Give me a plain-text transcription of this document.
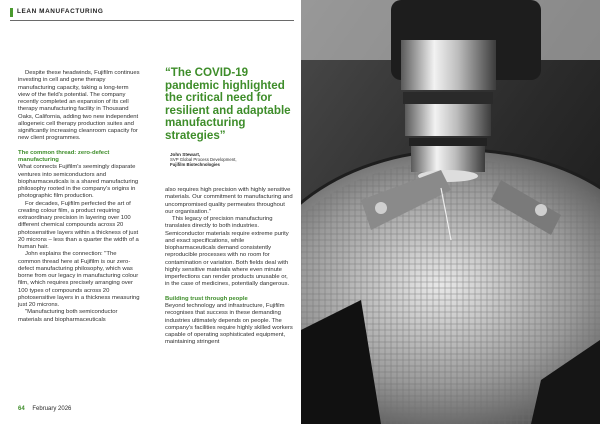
LEAN MANUFACTURING

Despite these headwinds, Fujifilm continues investing in cell and gene therapy manufacturing capacity, taking a long-term view of the field's potential. The company recently completed an expansion of its cell therapy manufacturing facility in Thousand Oaks, California, adding two new independent allogeneic cell therapy production suites and significantly increasing cleanroom capacity for new client programmes.

The common thread: zero-defect manufacturing

What connects Fujifilm's seemingly disparate ventures into semiconductors and biopharmaceuticals is a shared manufacturing philosophy rooted in the company's origins in photographic film production.

For decades, Fujifilm perfected the art of creating colour film, a product requiring extraordinary precision in layering over 100 different chemical compounds across 20 photosensitive layers within a thickness of just 20 microns – less than a quarter the width of a human hair.

John explains the connection: "The common thread here at Fujifilm is our zero-defect manufacturing philosophy, which was borne from our legacy in manufacturing colour film, which requires precisely arranging over 100 types of compounds across 20 photosensitive layers in a thickness measuring just 20 microns.

"Manufacturing both semiconductor materials and biopharmaceuticals

“The COVID-19 pandemic highlighted the critical need for resilient and adaptable manufacturing strategies”
John Stewart,
SVP Global Process Development,
Fujifilm Biotechnologies

also requires high precision with highly sensitive materials. Our commitment to manufacturing and uncompromised quality permeates throughout our organisation."

This legacy of precision manufacturing translates directly to both industries. Semiconductor materials require extreme purity and exact specifications, while biopharmaceuticals demand consistently reproducible processes with no room for contamination or variation. Both fields deal with highly sensitive materials where even minute imperfections can render products unusable or, in the case of medicines, potentially dangerous.

Building trust through people

Beyond technology and infrastructure, Fujifilm recognises that success in these demanding industries ultimately depends on people. The company's facilities require highly skilled workers capable of operating sophisticated equipment, maintaining stringent

64 February 2026
